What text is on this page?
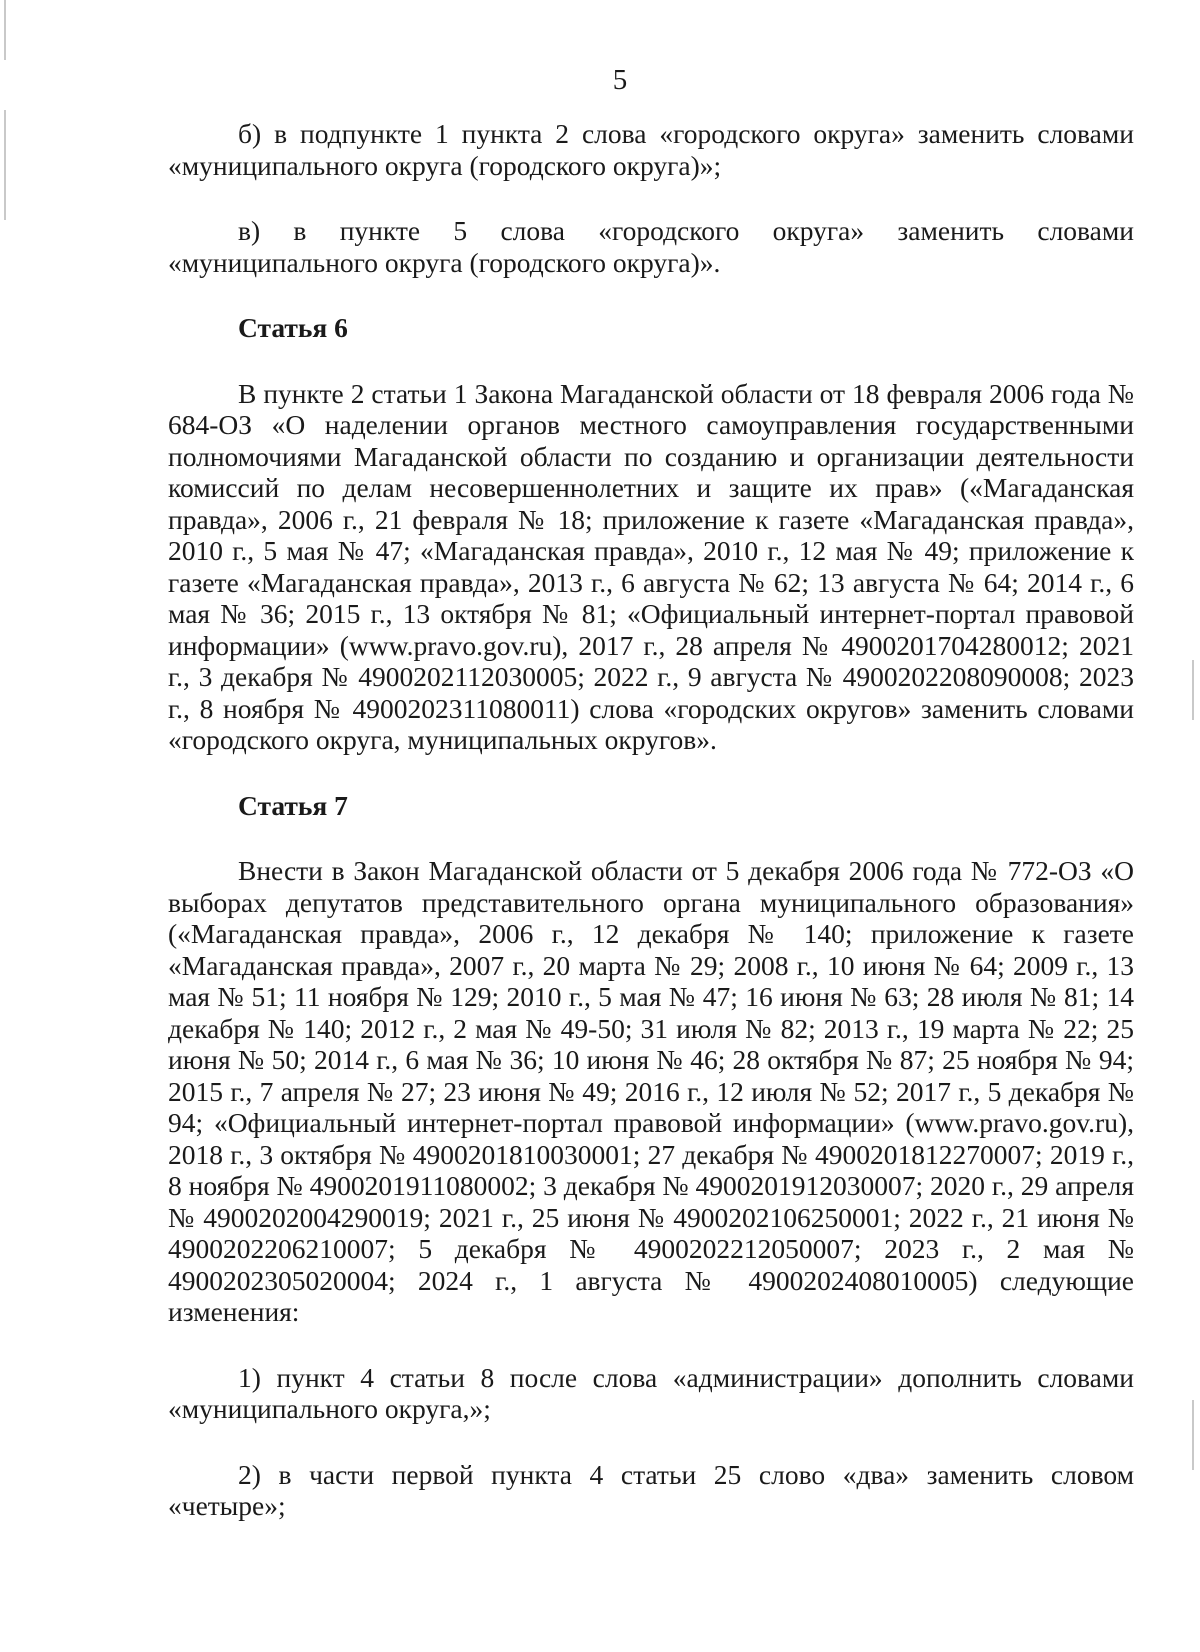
5

б) в подпункте 1 пункта 2 слова «городского округа» заменить словами «муниципального округа (городского округа)»;

в) в пункте 5 слова «городского округа» заменить словами «муниципального округа (городского округа)».

Статья 6

В пункте 2 статьи 1 Закона Магаданской области от 18 февраля 2006 года № 684-ОЗ «О наделении органов местного самоуправления государственными полномочиями Магаданской области по созданию и организации деятельности комиссий по делам несовершеннолетних и защите их прав» («Магаданская правда», 2006 г., 21 февраля № 18; приложение к газете «Магаданская правда», 2010 г., 5 мая № 47; «Магаданская правда», 2010 г., 12 мая № 49; приложение к газете «Магаданская правда», 2013 г., 6 августа № 62; 13 августа № 64; 2014 г., 6 мая № 36; 2015 г., 13 октября № 81; «Официальный интернет-портал правовой информации» (www.pravo.gov.ru), 2017 г., 28 апреля № 4900201704280012; 2021 г., 3 декабря № 4900202112030005; 2022 г., 9 августа № 4900202208090008; 2023 г., 8 ноября № 4900202311080011) слова «городских округов» заменить словами «городского округа, муниципальных округов».

Статья 7

Внести в Закон Магаданской области от 5 декабря 2006 года № 772-ОЗ «О выборах депутатов представительного органа муниципального образования» («Магаданская правда», 2006 г., 12 декабря № 140; приложение к газете «Магаданская правда», 2007 г., 20 марта № 29; 2008 г., 10 июня № 64; 2009 г., 13 мая № 51; 11 ноября № 129; 2010 г., 5 мая № 47; 16 июня № 63; 28 июля № 81; 14 декабря № 140; 2012 г., 2 мая № 49-50; 31 июля № 82; 2013 г., 19 марта № 22; 25 июня № 50; 2014 г., 6 мая № 36; 10 июня № 46; 28 октября № 87; 25 ноября № 94; 2015 г., 7 апреля № 27; 23 июня № 49; 2016 г., 12 июля № 52; 2017 г., 5 декабря № 94; «Официальный интернет-портал правовой информации» (www.pravo.gov.ru), 2018 г., 3 октября № 4900201810030001; 27 декабря № 4900201812270007; 2019 г., 8 ноября № 4900201911080002; 3 декабря № 4900201912030007; 2020 г., 29 апреля № 4900202004290019; 2021 г., 25 июня № 4900202106250001; 2022 г., 21 июня № 4900202206210007; 5 декабря № 4900202212050007; 2023 г., 2 мая № 4900202305020004; 2024 г., 1 августа № 4900202408010005) следующие изменения:

1) пункт 4 статьи 8 после слова «администрации» дополнить словами «муниципального округа,»;

2) в части первой пункта 4 статьи 25 слово «два» заменить словом «четыре»;
